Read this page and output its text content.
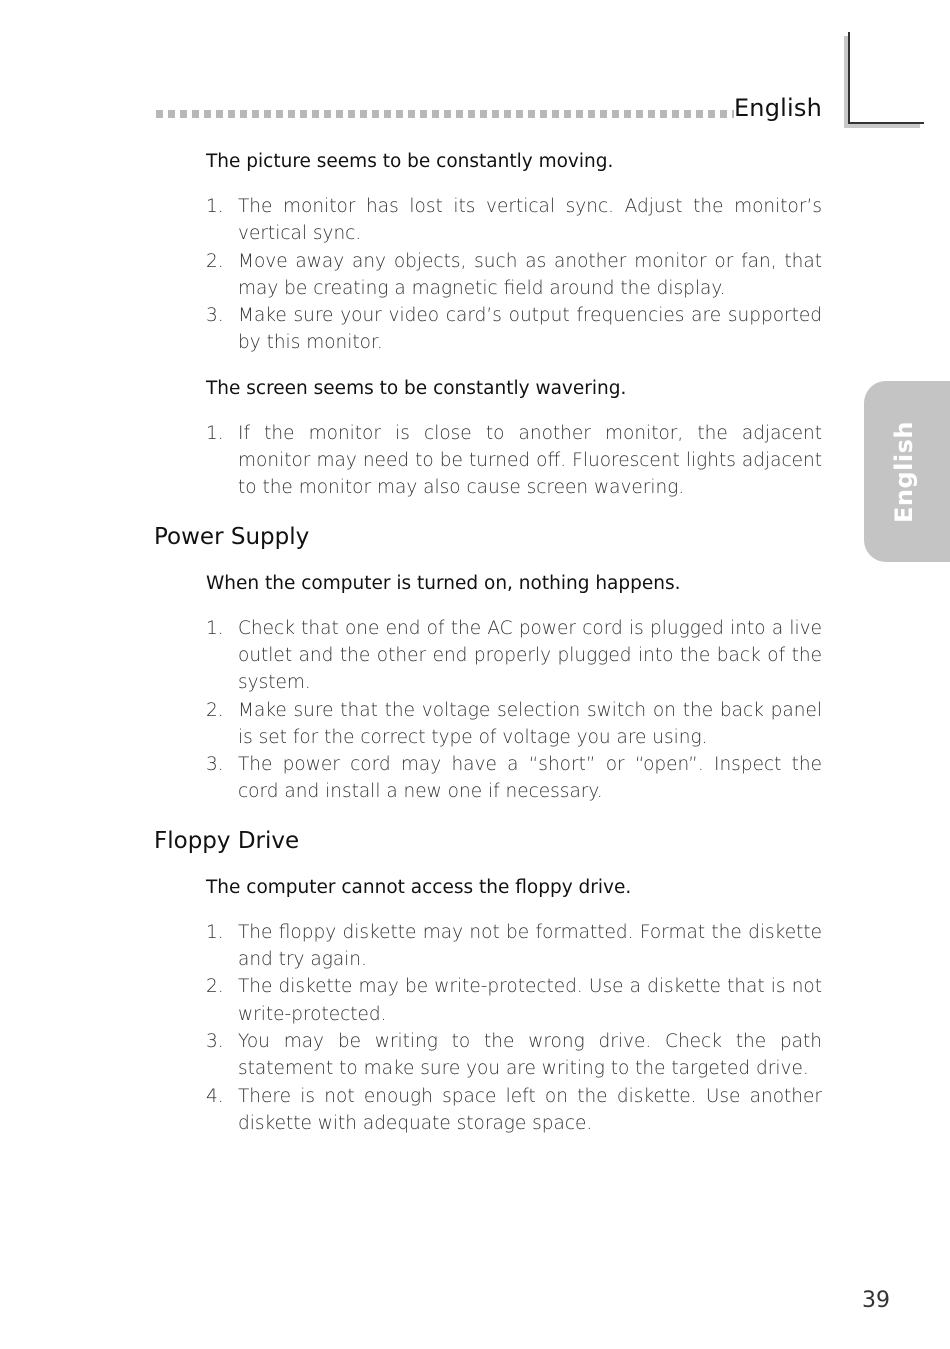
English
English

The picture seems to be constantly moving.

1. The monitor has lost its vertical sync. Adjust the monitor’s vertical sync.
2. Move away any objects, such as another monitor or fan, that may be creating a magnetic field around the display.
3. Make sure your video card’s output frequencies are supported by this monitor.

The screen seems to be constantly wavering.

1. If the monitor is close to another monitor, the adjacent monitor may need to be turned off. Fluorescent lights adjacent to the monitor may also cause screen wavering.
Power Supply

When the computer is turned on, nothing happens.

1. Check that one end of the AC power cord is plugged into a live outlet and the other end properly plugged into the back of the system.
2. Make sure that the voltage selection switch on the back panel is set for the correct type of voltage you are using.
3. The power cord may have a “short” or “open”. Inspect the cord and install a new one if necessary.
Floppy Drive

The computer cannot access the floppy drive.

1. The floppy diskette may not be formatted. Format the diskette and try again.
2. The diskette may be write-protected. Use a diskette that is not write-protected.
3. You may be writing to the wrong drive. Check the path statement to make sure you are writing to the targeted drive.
4. There is not enough space left on the diskette. Use another diskette with adequate storage space.
39
